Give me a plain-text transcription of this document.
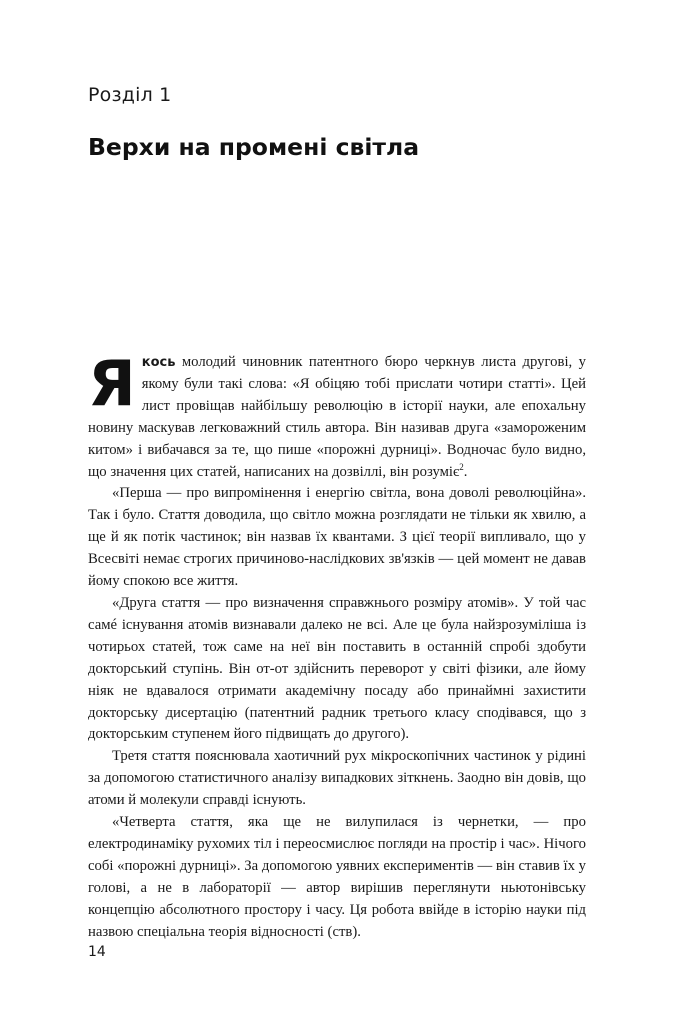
Розділ 1
Верхи на промені світла

Якось молодий чиновник патентного бюро черкнув листа другові, у якому були такі слова: «Я обіцяю тобі прислати чотири статті». Цей лист провіщав найбільшу революцію в історії науки, але епохальну новину маскував легковажний стиль автора. Він називав друга «замороженим китом» і вибачався за те, що пише «порожні дурниці». Водночас було видно, що значення цих статей, написаних на дозвіллі, він розуміє$^2$.

«Перша — про випромінення і енергію світла, вона доволі революційна». Так і було. Стаття доводила, що світло можна розглядати не тільки як хвилю, а ще й як потік частинок; він назвав їх квантами. З цієї теорії випливало, що у Всесвіті немає строгих причиново-наслідкових зв'язків — цей момент не давав йому спокою все життя.

«Друга стаття — про визначення справжнього розміру атомів». У той час самé існування атомів визнавали далеко не всі. Але це була найзрозуміліша із чотирьох статей, тож саме на неї він поставить в останній спробі здобути докторський ступінь. Він от-от здійснить переворот у світі фізики, але йому ніяк не вдавалося отримати академічну посаду або принаймні захистити докторську дисертацію (патентний радник третього класу сподівався, що з докторським ступенем його підвищать до другого).

Третя стаття пояснювала хаотичний рух мікроскопічних частинок у рідині за допомогою статистичного аналізу випадкових зіткнень. Заодно він довів, що атоми й молекули справді існують.

«Четверта стаття, яка ще не вилупилася із чернетки, — про електродинаміку рухомих тіл і переосмислює погляди на простір і час». Нічого собі «порожні дурниці». За допомогою уявних експериментів — він ставив їх у голові, а не в лабораторії — автор вирішив переглянути ньютонівську концепцію абсолютного простору і часу. Ця робота ввійде в історію науки під назвою спеціальна теорія відносності (ств).

14
